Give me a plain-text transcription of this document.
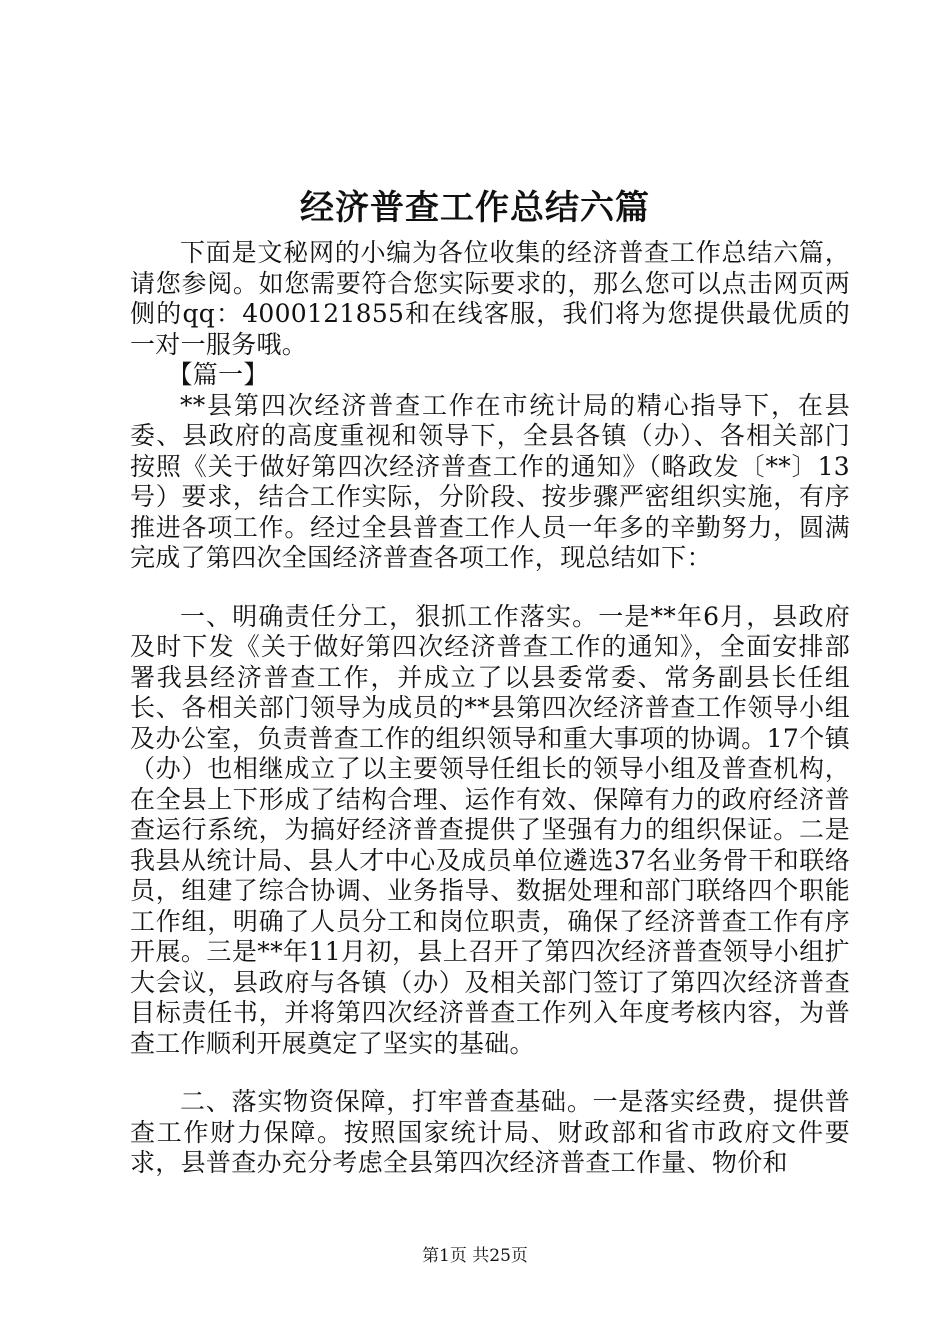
经济普查工作总结六篇

下面是文秘网的小编为各位收集的经济普查工作总结六篇，请您参阅。如您需要符合您实际要求的，那么您可以点击网页两侧的qq：4000121855和在线客服，我们将为您提供最优质的一对一服务哦。

【篇一】

**县第四次经济普查工作在市统计局的精心指导下，在县委、县政府的高度重视和领导下，全县各镇（办）、各相关部门按照《关于做好第四次经济普查工作的通知》（略政发〔**〕13号）要求，结合工作实际，分阶段、按步骤严密组织实施，有序推进各项工作。经过全县普查工作人员一年多的辛勤努力，圆满完成了第四次全国经济普查各项工作，现总结如下：

一、明确责任分工，狠抓工作落实。一是**年6月，县政府及时下发《关于做好第四次经济普查工作的通知》，全面安排部署我县经济普查工作，并成立了以县委常委、常务副县长任组长、各相关部门领导为成员的**县第四次经济普查工作领导小组及办公室，负责普查工作的组织领导和重大事项的协调。17个镇（办）也相继成立了以主要领导任组长的领导小组及普查机构，在全县上下形成了结构合理、运作有效、保障有力的政府经济普查运行系统，为搞好经济普查提供了坚强有力的组织保证。二是我县从统计局、县人才中心及成员单位遴选37名业务骨干和联络员，组建了综合协调、业务指导、数据处理和部门联络四个职能工作组，明确了人员分工和岗位职责，确保了经济普查工作有序开展。三是**年11月初，县上召开了第四次经济普查领导小组扩大会议，县政府与各镇（办）及相关部门签订了第四次经济普查目标责任书，并将第四次经济普查工作列入年度考核内容，为普查工作顺利开展奠定了坚实的基础。

二、落实物资保障，打牢普查基础。一是落实经费，提供普查工作财力保障。按照国家统计局、财政部和省市政府文件要求，县普查办充分考虑全县第四次经济普查工作量、物价和

第1页 共25页
